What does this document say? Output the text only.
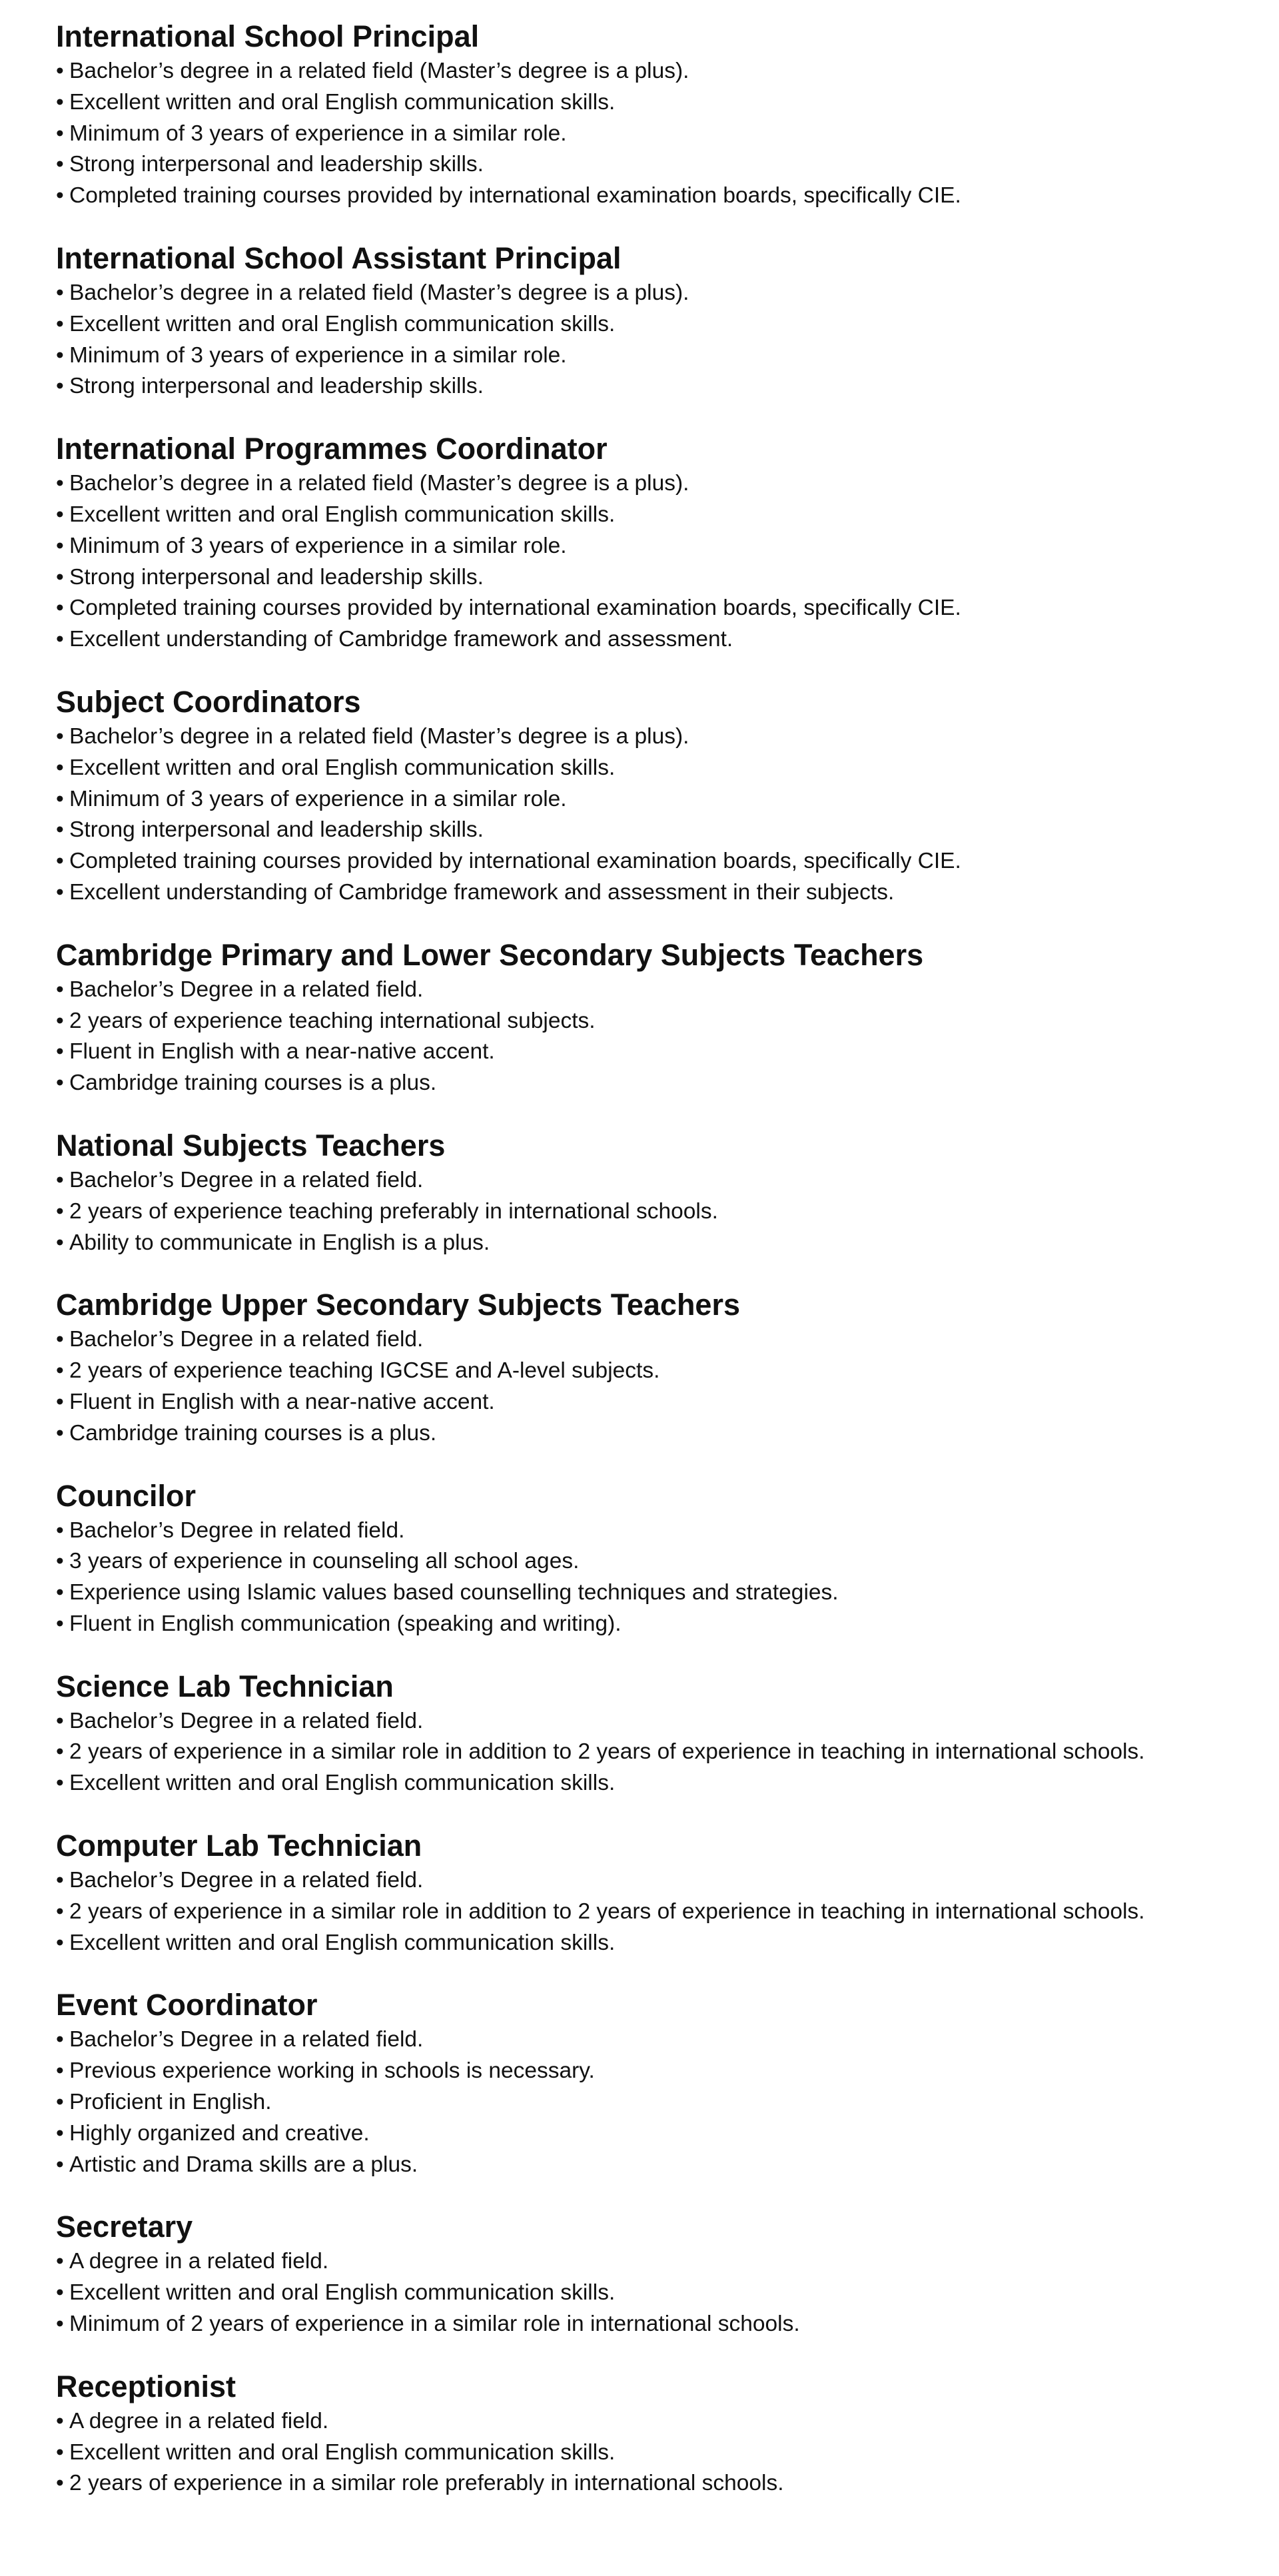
International School Principal
• Bachelor’s degree in a related field (Master’s degree is a plus).
• Excellent written and oral English communication skills.
• Minimum of 3 years of experience in a similar role.
• Strong interpersonal and leadership skills.
• Completed training courses provided by international examination boards, specifically CIE.
International School Assistant Principal
• Bachelor’s degree in a related field (Master’s degree is a plus).
• Excellent written and oral English communication skills.
• Minimum of 3 years of experience in a similar role.
• Strong interpersonal and leadership skills.
International Programmes Coordinator
• Bachelor’s degree in a related field (Master’s degree is a plus).
• Excellent written and oral English communication skills.
• Minimum of 3 years of experience in a similar role.
• Strong interpersonal and leadership skills.
• Completed training courses provided by international examination boards, specifically CIE.
• Excellent understanding of Cambridge framework and assessment.
Subject Coordinators
• Bachelor’s degree in a related field (Master’s degree is a plus).
• Excellent written and oral English communication skills.
• Minimum of 3 years of experience in a similar role.
• Strong interpersonal and leadership skills.
• Completed training courses provided by international examination boards, specifically CIE.
• Excellent understanding of Cambridge framework and assessment in their subjects.
Cambridge Primary and Lower Secondary Subjects Teachers
• Bachelor’s Degree in a related field.
• 2 years of experience teaching international subjects.
• Fluent in English with a near-native accent.
• Cambridge training courses is a plus.
National Subjects Teachers
• Bachelor’s Degree in a related field.
• 2 years of experience teaching preferably in international schools.
• Ability to communicate in English is a plus.
Cambridge Upper Secondary Subjects Teachers
• Bachelor’s Degree in a related field.
• 2 years of experience teaching IGCSE and A-level subjects.
• Fluent in English with a near-native accent.
• Cambridge training courses is a plus.
Councilor
• Bachelor’s Degree in related field.
• 3 years of experience in counseling all school ages.
• Experience using Islamic values based counselling techniques and strategies.
• Fluent in English communication (speaking and writing).
Science Lab Technician
• Bachelor’s Degree in a related field.
• 2 years of experience in a similar role in addition to 2 years of experience in teaching in international schools.
• Excellent written and oral English communication skills.
Computer Lab Technician
• Bachelor’s Degree in a related field.
• 2 years of experience in a similar role in addition to 2 years of experience in teaching in international schools.
• Excellent written and oral English communication skills.
Event Coordinator
• Bachelor’s Degree in a related field.
• Previous experience working in schools is necessary.
• Proficient in English.
• Highly organized and creative.
• Artistic and Drama skills are a plus.
Secretary
• A degree in a related field.
• Excellent written and oral English communication skills.
• Minimum of 2 years of experience in a similar role in international schools.
Receptionist
• A degree in a related field.
• Excellent written and oral English communication skills.
• 2 years of experience in a similar role preferably in international schools.
